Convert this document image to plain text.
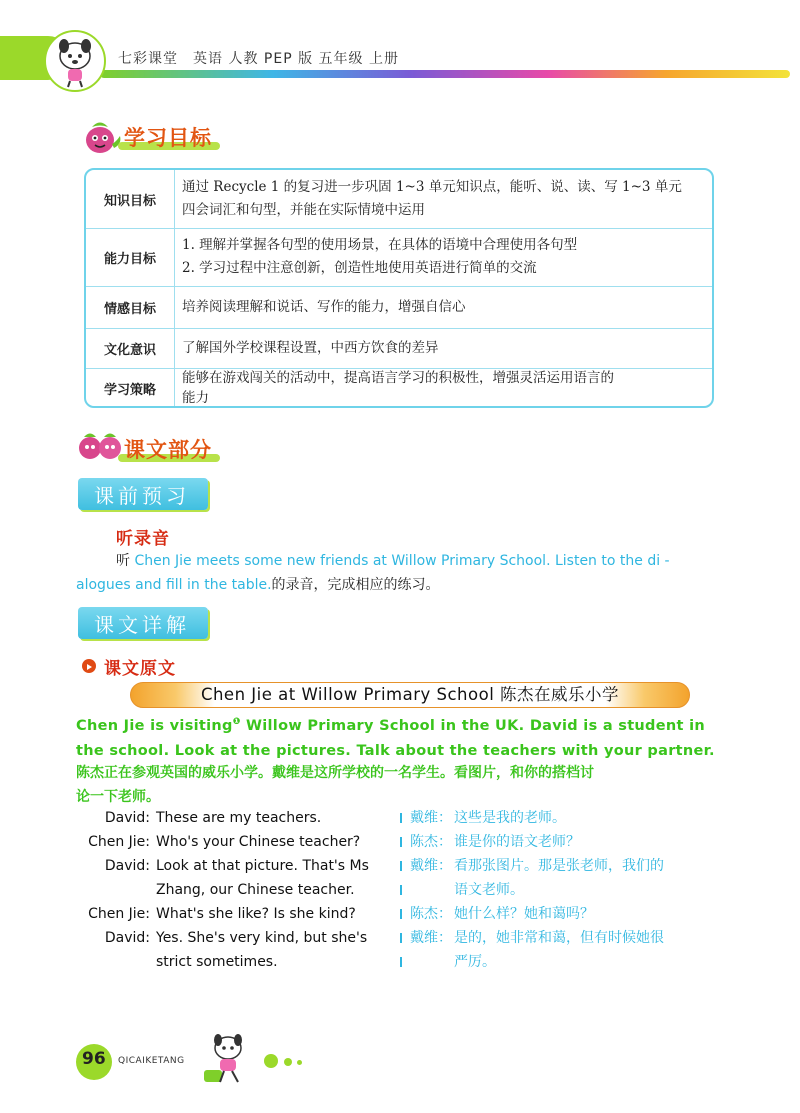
七彩课堂　英语 人教 PEP 版 五年级 上册
学习目标
知识目标
通过 Recycle 1 的复习进一步巩固 1~3 单元知识点，能听、说、读、写 1~3 单元
四会词汇和句型，并能在实际情境中运用
能力目标
1. 理解并掌握各句型的使用场景，在具体的语境中合理使用各句型
2. 学习过程中注意创新，创造性地使用英语进行简单的交流
情感目标	培养阅读理解和说话、写作的能力，增强自信心
文化意识	了解国外学校课程设置，中西方饮食的差异
学习策略
能够在游戏闯关的活动中，提高语言学习的积极性，增强灵活运用语言的
能力
课文部分
课前预习
听录音
听 Chen Jie meets some new friends at Willow Primary School. Listen to the di -
alogues and fill in the table.的录音，完成相应的练习。
课文详解
课文原文
Chen Jie at Willow Primary School 陈杰在威乐小学
Chen Jie is visiting$^❶$ Willow Primary School in the UK. David is a student in
the school. Look at the pictures. Talk about the teachers with your partner.
陈杰正在参观英国的威乐小学。戴维是这所学校的一名学生。看图片，和你的搭档讨
论一下老师。
David: These are my teachers.
Chen Jie: Who's your Chinese teacher?
David: Look at that picture. That's Ms
Zhang, our Chinese teacher.
Chen Jie: What's she like? Is she kind?
David: Yes. She's very kind, but she's
strict sometimes.
戴维： 这些是我的老师。
陈杰： 谁是你的语文老师？
戴维： 看那张图片。那是张老师，我们的
语文老师。
陈杰： 她什么样？她和蔼吗？
戴维： 是的，她非常和蔼，但有时候她很
严厉。
96 QICAIKETANG
